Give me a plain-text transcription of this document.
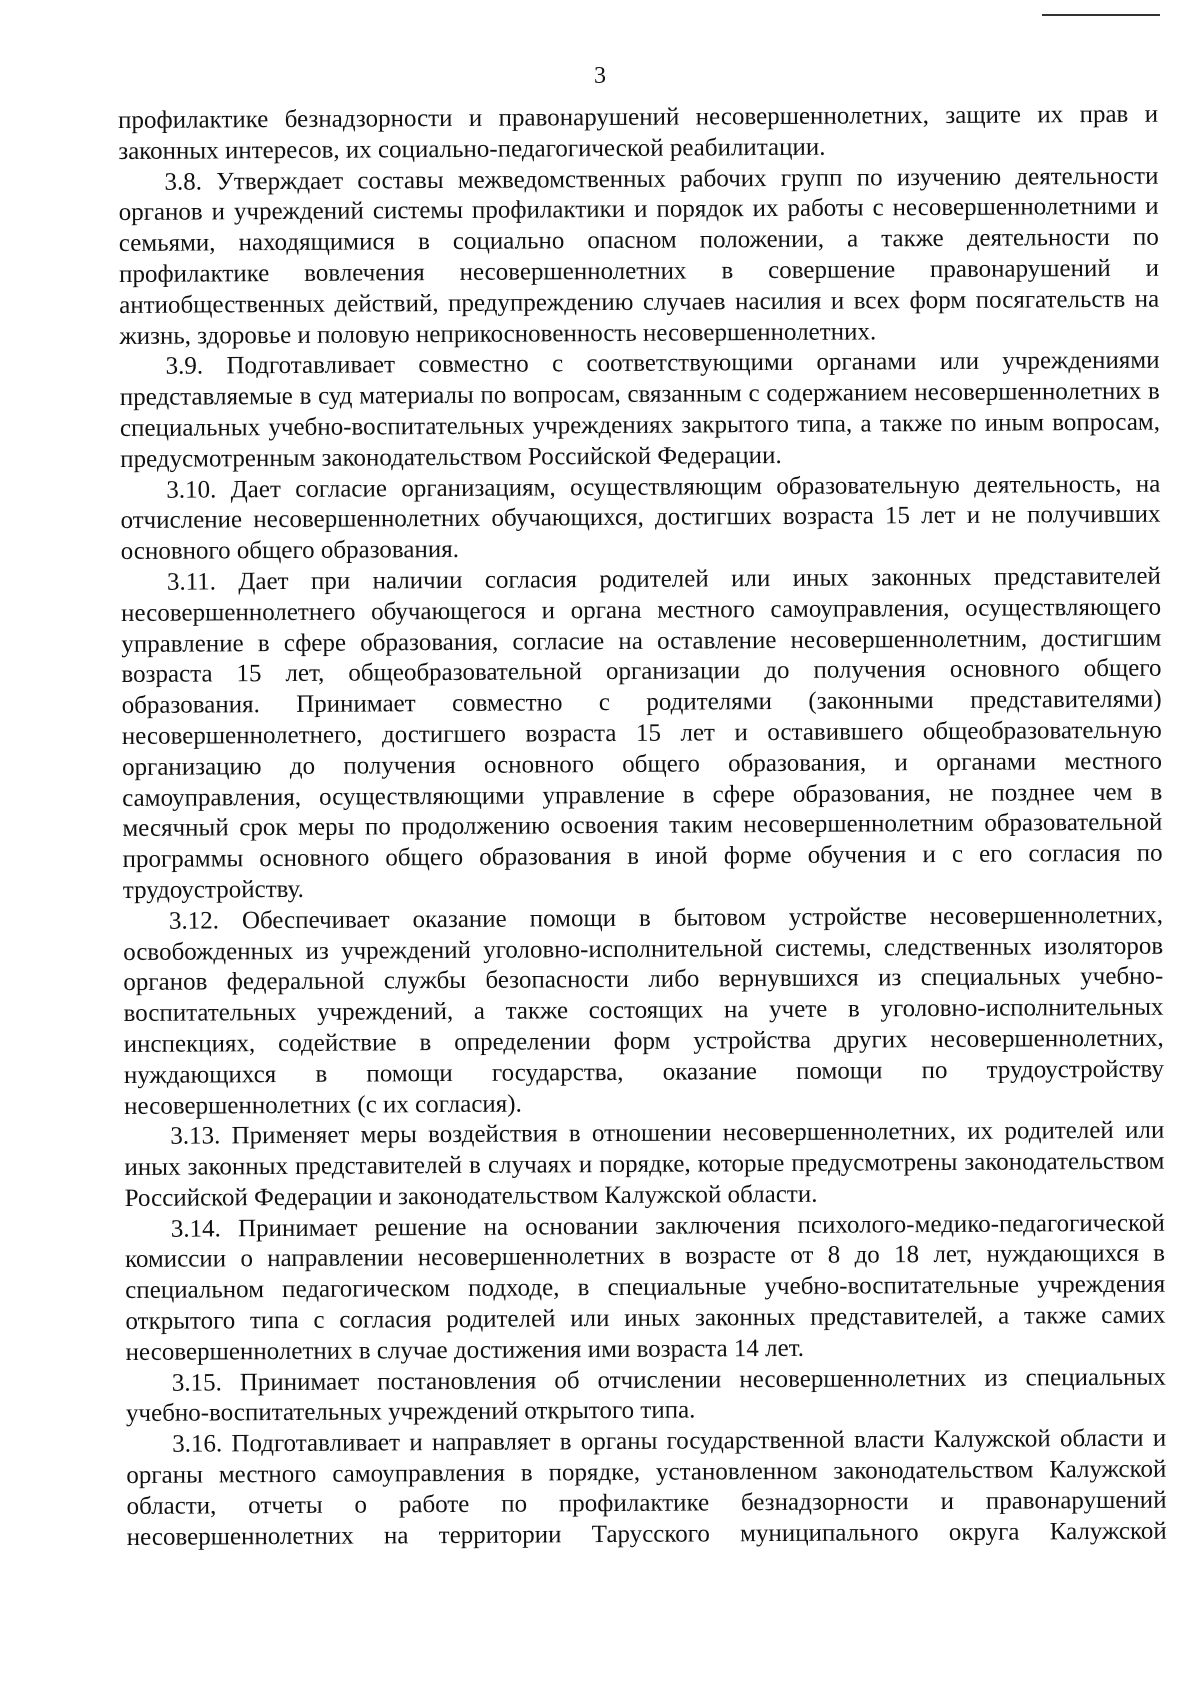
3

профилактике безнадзорности и правонарушений несовершеннолетних, защите их прав и законных интересов, их социально-педагогической реабилитации.

3.8. Утверждает составы межведомственных рабочих групп по изучению деятельности органов и учреждений системы профилактики и порядок их работы с несовершеннолетними и семьями, находящимися в социально опасном положении, а также деятельности по профилактике вовлечения несовершеннолетних в совершение правонарушений и антиобщественных действий, предупреждению случаев насилия и всех форм посягательств на жизнь, здоровье и половую неприкосновенность несовершеннолетних.

3.9. Подготавливает совместно с соответствующими органами или учреждениями представляемые в суд материалы по вопросам, связанным с содержанием несовершеннолетних в специальных учебно-воспитательных учреждениях закрытого типа, а также по иным вопросам, предусмотренным законодательством Российской Федерации.

3.10. Дает согласие организациям, осуществляющим образовательную деятельность, на отчисление несовершеннолетних обучающихся, достигших возраста 15 лет и не получивших основного общего образования.

3.11. Дает при наличии согласия родителей или иных законных представителей несовершеннолетнего обучающегося и органа местного самоуправления, осуществляющего управление в сфере образования, согласие на оставление несовершеннолетним, достигшим возраста 15 лет, общеобразовательной организации до получения основного общего образования. Принимает совместно с родителями (законными представителями) несовершеннолетнего, достигшего возраста 15 лет и оставившего общеобразовательную организацию до получения основного общего образования, и органами местного самоуправления, осуществляющими управление в сфере образования, не позднее чем в месячный срок меры по продолжению освоения таким несовершеннолетним образовательной программы основного общего образования в иной форме обучения и с его согласия по трудоустройству.

3.12. Обеспечивает оказание помощи в бытовом устройстве несовершеннолетних, освобожденных из учреждений уголовно-исполнительной системы, следственных изоляторов органов федеральной службы безопасности либо вернувшихся из специальных учебно-воспитательных учреждений, а также состоящих на учете в уголовно-исполнительных инспекциях, содействие в определении форм устройства других несовершеннолетних, нуждающихся в помощи государства, оказание помощи по трудоустройству несовершеннолетних (с их согласия).

3.13. Применяет меры воздействия в отношении несовершеннолетних, их родителей или иных законных представителей в случаях и порядке, которые предусмотрены законодательством Российской Федерации и законодательством Калужской области.

3.14. Принимает решение на основании заключения психолого-медико-педагогической комиссии о направлении несовершеннолетних в возрасте от 8 до 18 лет, нуждающихся в специальном педагогическом подходе, в специальные учебно-воспитательные учреждения открытого типа с согласия родителей или иных законных представителей, а также самих несовершеннолетних в случае достижения ими возраста 14 лет.

3.15. Принимает постановления об отчислении несовершеннолетних из специальных учебно-воспитательных учреждений открытого типа.

3.16. Подготавливает и направляет в органы государственной власти Калужской области и органы местного самоуправления в порядке, установленном законодательством Калужской области, отчеты о работе по профилактике безнадзорности и правонарушений несовершеннолетних на территории Тарусского муниципального округа Калужской
